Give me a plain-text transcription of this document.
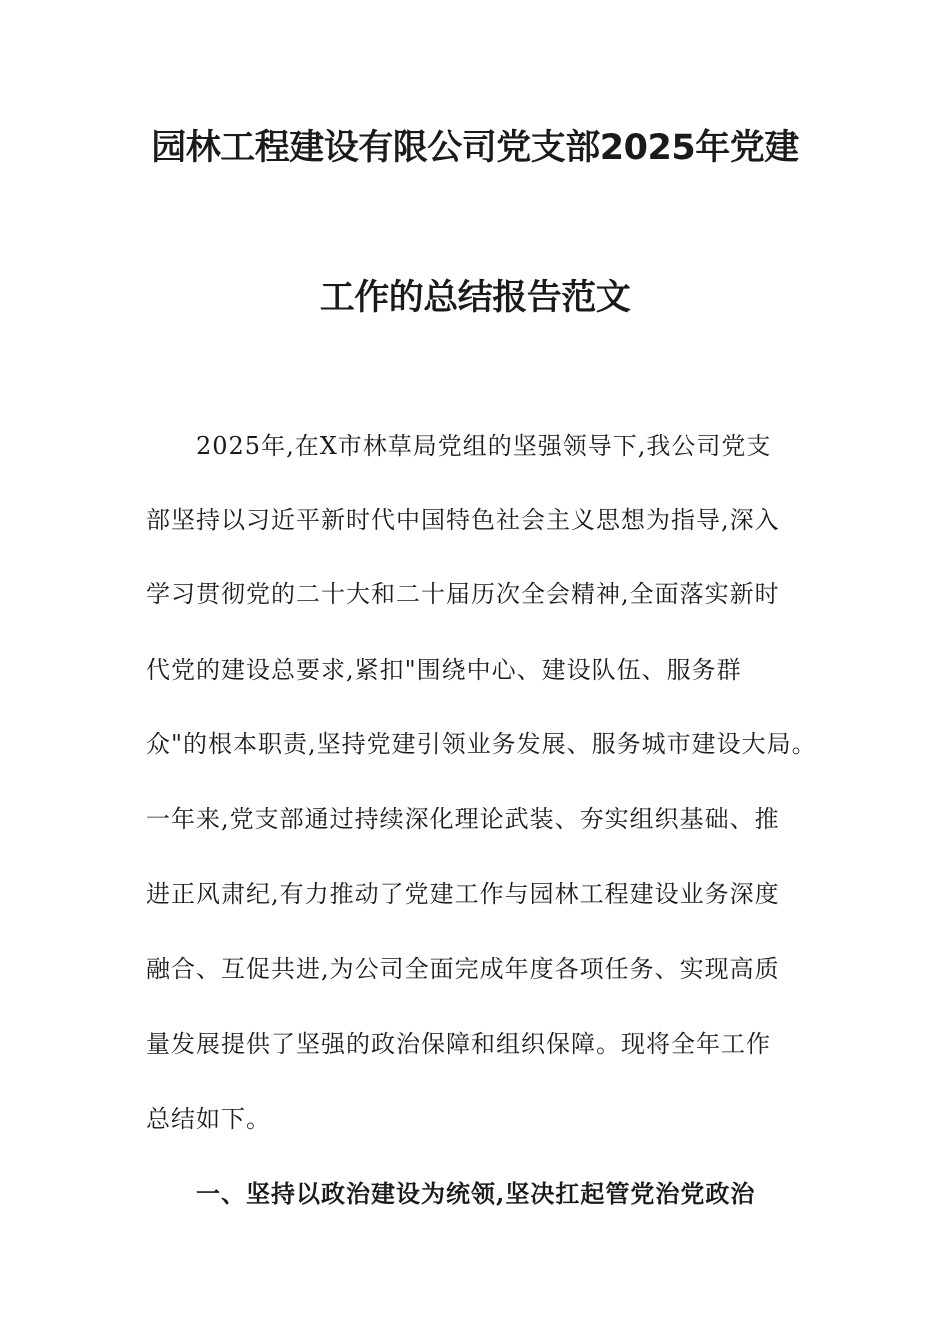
园林工程建设有限公司党支部2025年党建
工作的总结报告范文
2025年,在X市林草局党组的坚强领导下,我公司党支
部坚持以习近平新时代中国特色社会主义思想为指导,深入
学习贯彻党的二十大和二十届历次全会精神,全面落实新时
代党的建设总要求,紧扣"围绕中心、建设队伍、服务群
众"的根本职责,坚持党建引领业务发展、服务城市建设大局。
一年来,党支部通过持续深化理论武装、夯实组织基础、推
进正风肃纪,有力推动了党建工作与园林工程建设业务深度
融合、互促共进,为公司全面完成年度各项任务、实现高质
量发展提供了坚强的政治保障和组织保障。现将全年工作
总结如下。
一、坚持以政治建设为统领,坚决扛起管党治党政治
